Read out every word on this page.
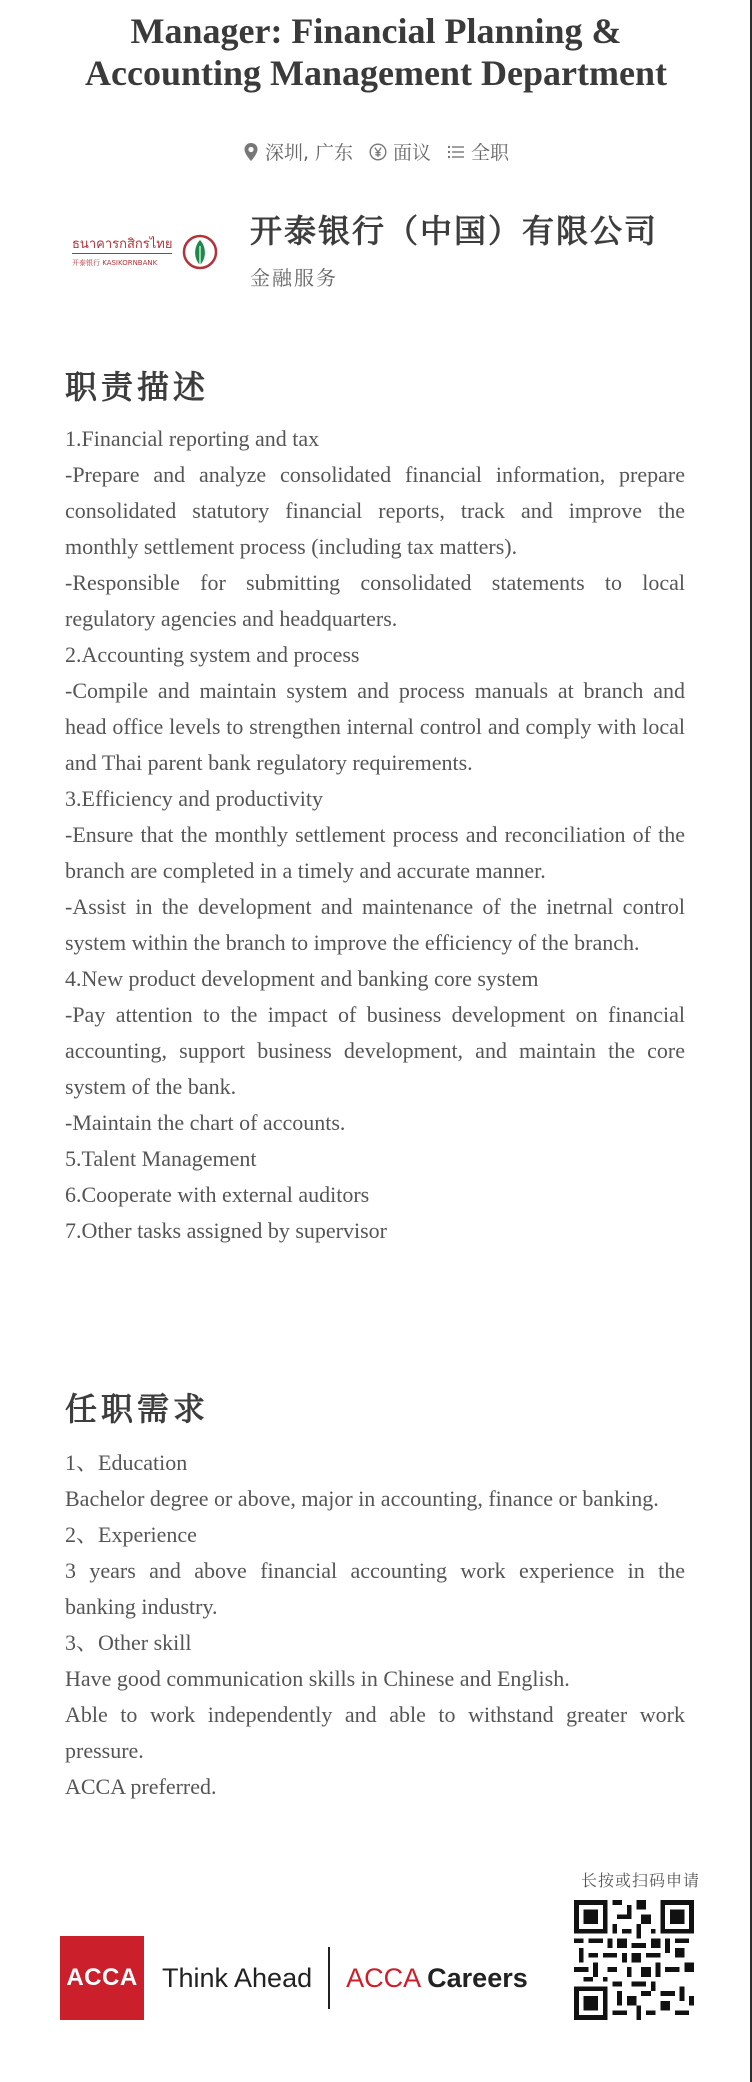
Manager: Financial Planning & Accounting Management Department
深圳, 广东 面议 全职
ธนาคารกสิกรไทย
开泰银行 KASIKORNBANK
开泰银行（中国）有限公司
金融服务
职责描述

1.Financial reporting and tax

-Prepare and analyze consolidated financial information, prepare consolidated statutory financial reports, track and improve the monthly settlement process (including tax matters).

-Responsible for submitting consolidated statements to local regulatory agencies and headquarters.

2.Accounting system and process

-Compile and maintain system and process manuals at branch and head office levels to strengthen internal control and comply with local and Thai parent bank regulatory requirements.

3.Efficiency and productivity

-Ensure that the monthly settlement process and reconciliation of the branch are completed in a timely and accurate manner.

-Assist in the development and maintenance of the inetrnal control system within the branch to improve the efficiency of the branch.

4.New product development and banking core system

-Pay attention to the impact of business development on financial accounting, support business development, and maintain the core system of the bank.

-Maintain the chart of accounts.

5.Talent Management

6.Cooperate with external auditors

7.Other tasks assigned by supervisor

任职需求

1、Education

Bachelor degree or above, major in accounting, finance or banking.

2、Experience

3 years and above financial accounting work experience in the banking industry.

3、Other skill

Have good communication skills in Chinese and English.

Able to work independently and able to withstand greater work pressure.

ACCA preferred.

长按或扫码申请
ACCA Think Ahead ACCA Careers
